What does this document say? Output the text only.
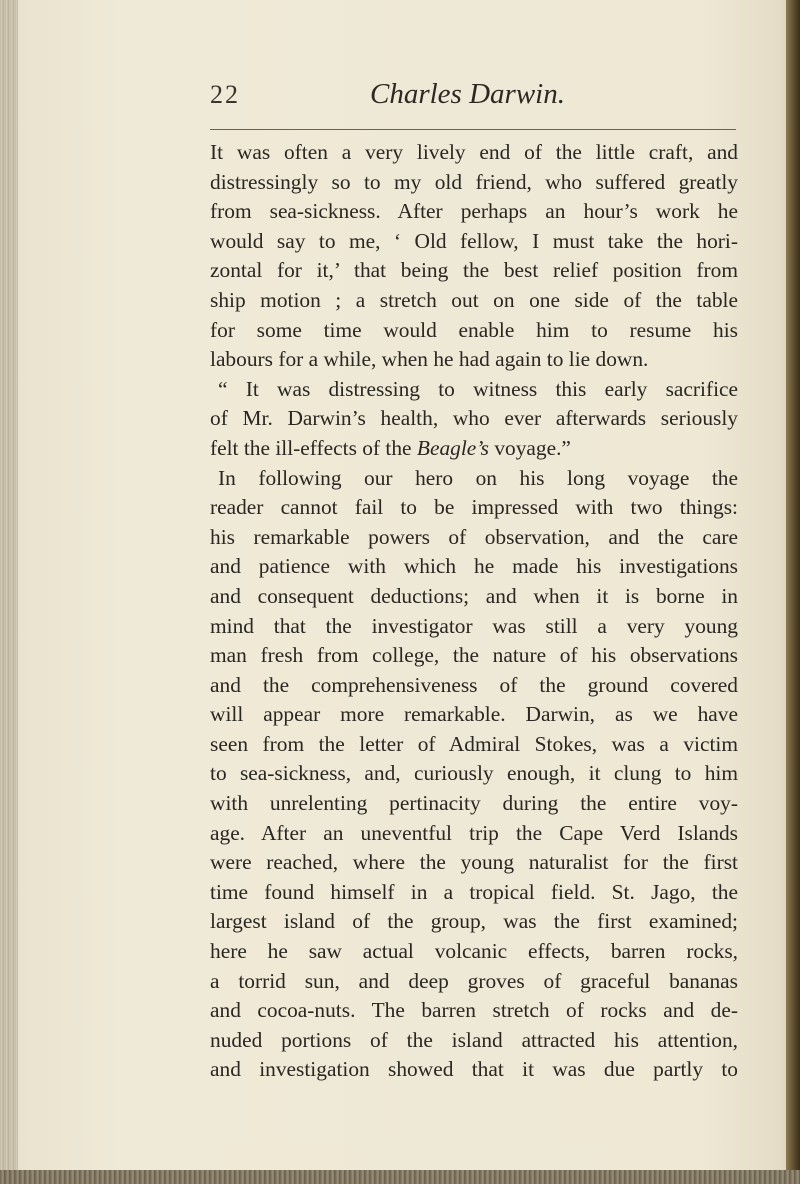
22	Charles Darwin.
It was often a very lively end of the little craft, and
distressingly so to my old friend, who suffered greatly
from sea-sickness. After perhaps an hour’s work he
would say to me, ‘ Old fellow, I must take the hori-
zontal for it,’ that being the best relief position from
ship motion ; a stretch out on one side of the table
for some time would enable him to resume his
labours for a while, when he had again to lie down.
“ It was distressing to witness this early sacrifice
of Mr. Darwin’s health, who ever afterwards seriously
felt the ill-effects of the Beagle’s voyage.”
In following our hero on his long voyage the
reader cannot fail to be impressed with two things:
his remarkable powers of observation, and the care
and patience with which he made his investigations
and consequent deductions; and when it is borne in
mind that the investigator was still a very young
man fresh from college, the nature of his observations
and the comprehensiveness of the ground covered
will appear more remarkable. Darwin, as we have
seen from the letter of Admiral Stokes, was a victim
to sea-sickness, and, curiously enough, it clung to him
with unrelenting pertinacity during the entire voy-
age. After an uneventful trip the Cape Verd Islands
were reached, where the young naturalist for the first
time found himself in a tropical field. St. Jago, the
largest island of the group, was the first examined;
here he saw actual volcanic effects, barren rocks,
a torrid sun, and deep groves of graceful bananas
and cocoa-nuts. The barren stretch of rocks and de-
nuded portions of the island attracted his attention,
and investigation showed that it was due partly to
